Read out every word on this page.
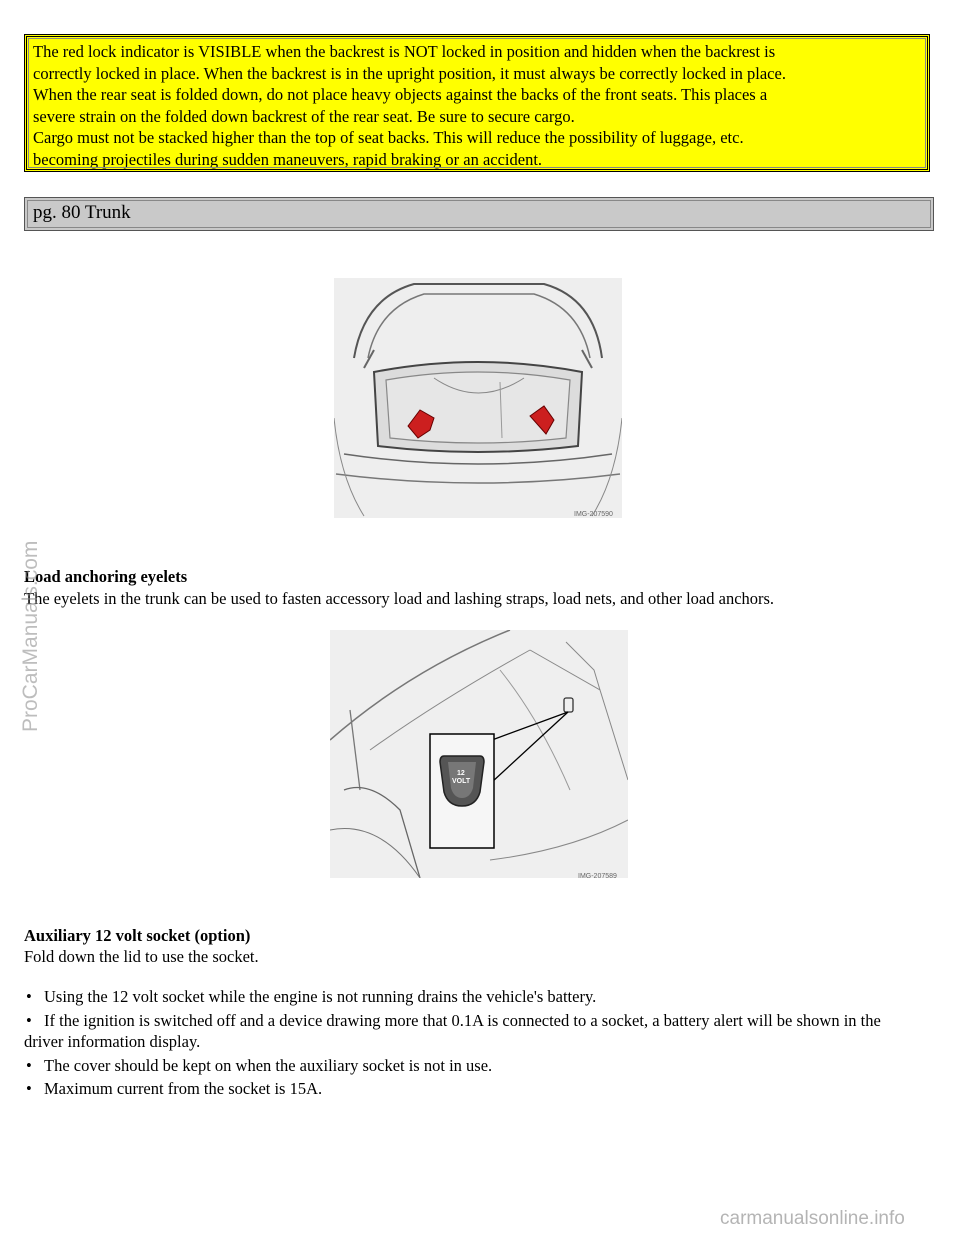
The red lock indicator is VISIBLE when the backrest is NOT locked in position and hidden when the backrest is

correctly locked in place. When the backrest is in the upright position, it must always be correctly locked in place.

When the rear seat is folded down, do not place heavy objects against the backs of the front seats. This places a

severe strain on the folded down backrest of the rear seat. Be sure to secure cargo.

Cargo must not be stacked higher than the top of seat backs. This will reduce the possibility of luggage, etc.

becoming projectiles during sudden maneuvers, rapid braking or an accident.

pg. 80 Trunk
IMG-207590
Load anchoring eyelets
The eyelets in the trunk can be used to fasten accessory load and lashing straps, load nets, and other load anchors.
IMG-207589
12
VOLT
Auxiliary 12 volt socket (option)
Fold down the lid to use the socket.
• Using the 12 volt socket while the engine is not running drains the vehicle's battery.
• If the ignition is switched off and a device drawing more that 0.1A is connected to a socket, a battery alert will be shown in the driver information display.
• The cover should be kept on when the auxiliary socket is not in use.
• Maximum current from the socket is 15A.
ProCarManuals.com
carmanualsonline.info
